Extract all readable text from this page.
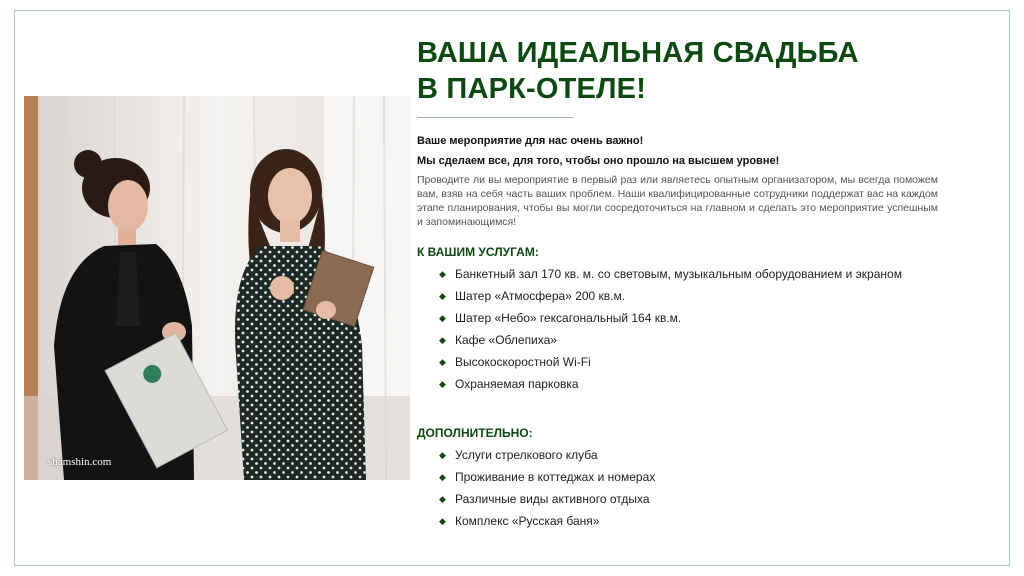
shamshin.com
ВАША ИДЕАЛЬНАЯ СВАДЬБА
В ПАРК-ОТЕЛЕ!

Ваше мероприятие для нас очень важно!

Мы сделаем все, для того, чтобы оно прошло на высшем уровне!

Проводите ли вы мероприятие в первый раз или являетесь опытным организатором, мы всегда поможем вам, взяв на себя часть ваших проблем. Наши квалифицированные сотрудники поддержат вас на каждом этапе планирования, чтобы вы могли сосредоточиться на главном и сделать это мероприятие успешным и запоминающимся!

К ВАШИМ УСЛУГАМ:
◆ Банкетный зал 170 кв. м. со световым, музыкальным оборудованием и экраном
◆ Шатер «Атмосфера» 200 кв.м.
◆ Шатер «Небо» гексагональный 164 кв.м.
◆ Кафе «Облепиха»
◆ Высокоскоростной Wi-Fi
◆ Охраняемая парковка
ДОПОЛНИТЕЛЬНО:
◆ Услуги стрелкового клуба
◆ Проживание в коттеджах и номерах
◆ Различные виды активного отдыха
◆ Комплекс «Русская баня»
